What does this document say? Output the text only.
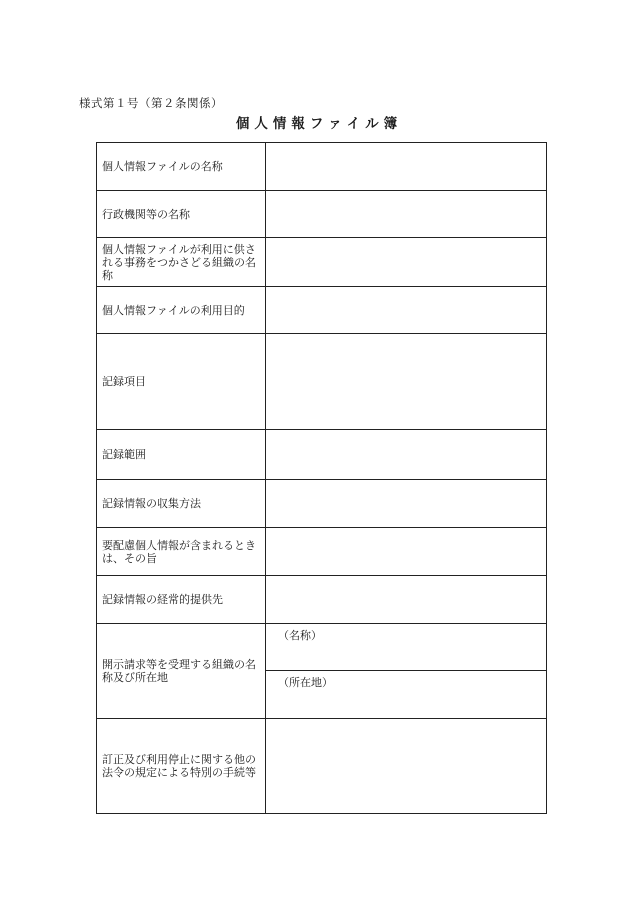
様式第１号（第２条関係）
個人情報ファイル簿
個人情報ファイルの名称	
行政機関等の名称	
個人情報ファイルが利用に供される事務をつかさどる組織の名称	
個人情報ファイルの利用目的	
記録項目	
記録範囲	
記録情報の収集方法	
要配慮個人情報が含まれるときは、その旨	
記録情報の経常的提供先	
開示請求等を受理する組織の名称及び所在地	（名称）
	（所在地）
訂正及び利用停止に関する他の法令の規定による特別の手続等	
